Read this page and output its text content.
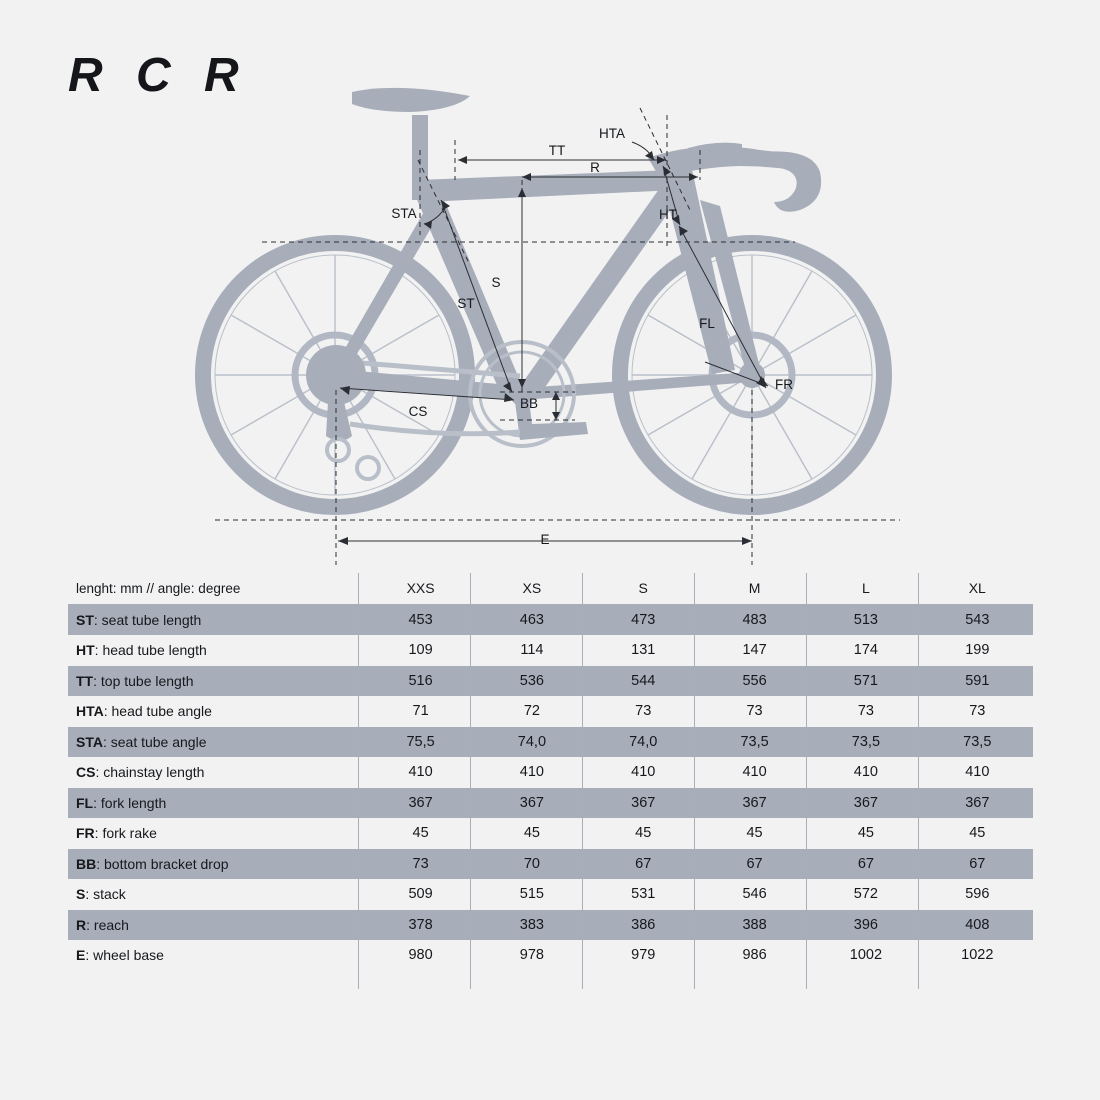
R C R
TT
HTA
R
HT
STA
S
ST
FL
BB
CS
FR
E
lenght: mm // angle: degree	XXS	XS	S	M	L	XL
ST: seat tube length	453	463	473	483	513	543
HT: head tube length	109	114	131	147	174	199
TT: top tube length	516	536	544	556	571	591
HTA: head tube angle	71	72	73	73	73	73
STA: seat tube angle	75,5	74,0	74,0	73,5	73,5	73,5
CS: chainstay length	410	410	410	410	410	410
FL: fork length	367	367	367	367	367	367
FR: fork rake	45	45	45	45	45	45
BB: bottom bracket drop	73	70	67	67	67	67
S: stack	509	515	531	546	572	596
R: reach	378	383	386	388	396	408
E: wheel base	980	978	979	986	1002	1022
